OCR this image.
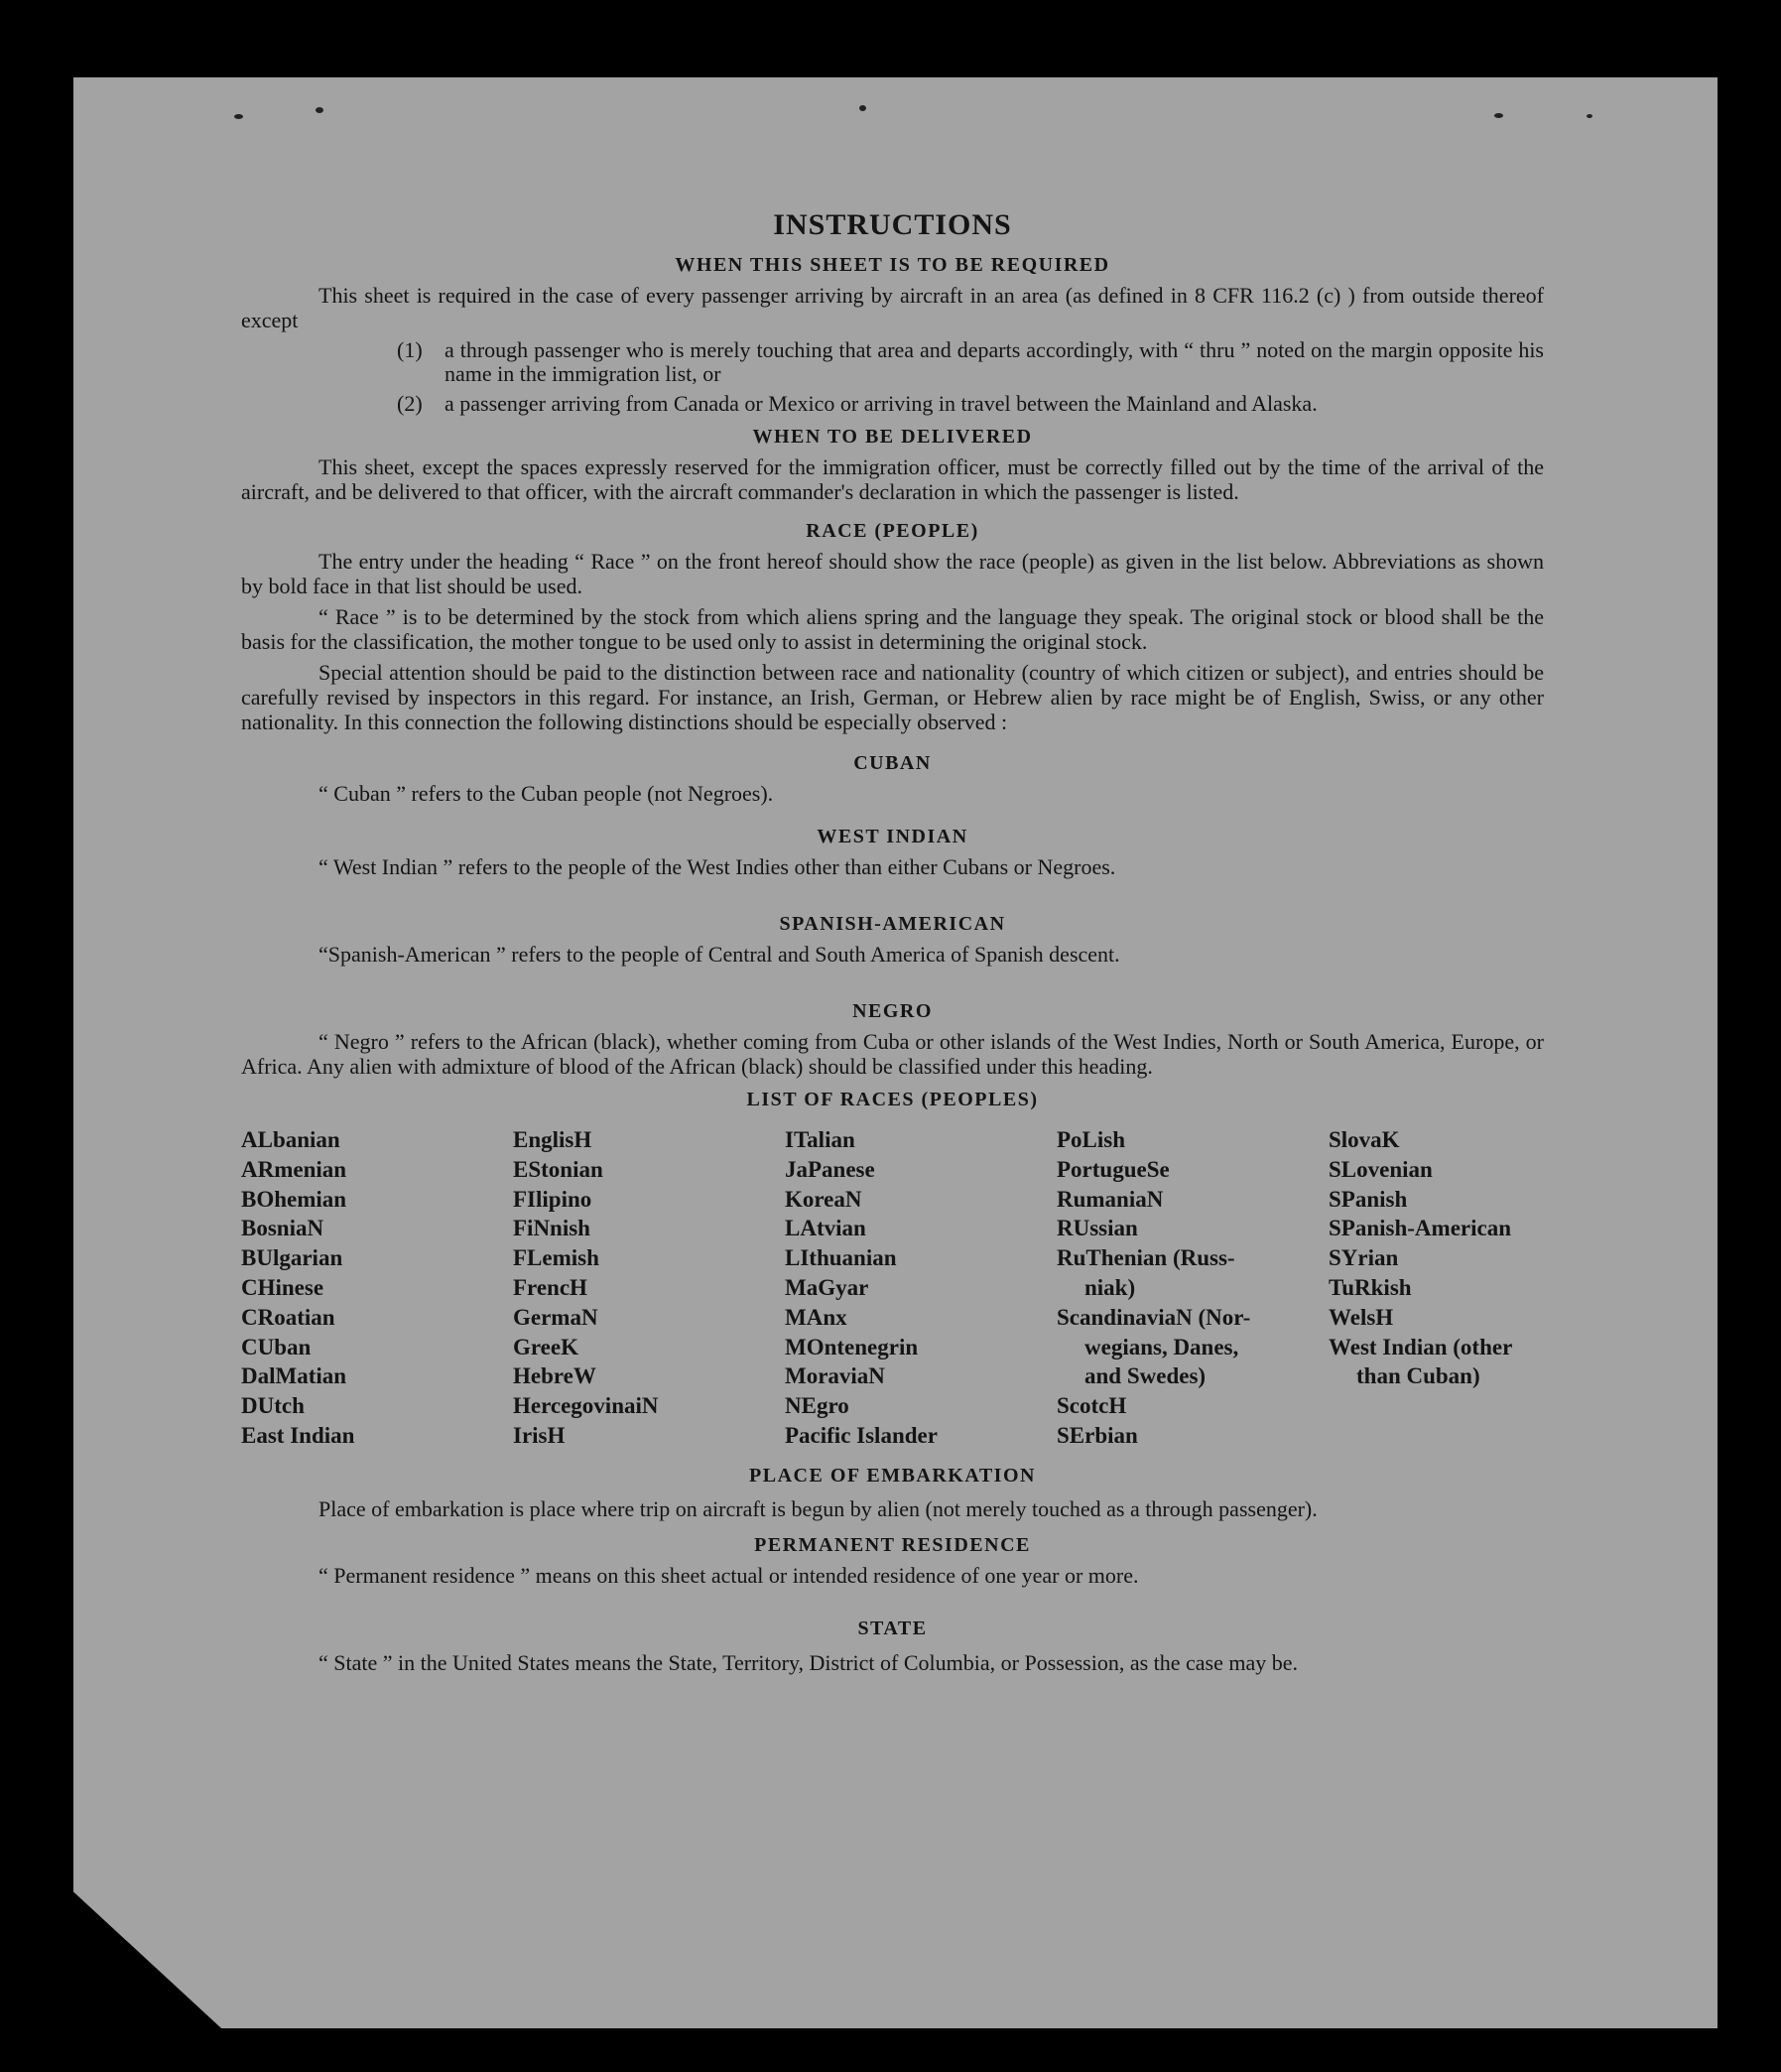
INSTRUCTIONS
WHEN THIS SHEET IS TO BE REQUIRED

This sheet is required in the case of every passenger arriving by aircraft in an area (as defined in 8 CFR 116.2 (c) ) from outside thereof except

(1)	a through passenger who is merely touching that area and departs accordingly, with “ thru ” noted on the margin opposite his name in the immigration list, or
(2)	a passenger arriving from Canada or Mexico or arriving in travel between the Mainland and Alaska.
WHEN TO BE DELIVERED

This sheet, except the spaces expressly reserved for the immigration officer, must be correctly filled out by the time of the arrival of the aircraft, and be delivered to that officer, with the aircraft commander's declaration in which the passenger is listed.

RACE (PEOPLE)

The entry under the heading “ Race ” on the front hereof should show the race (people) as given in the list below. Abbreviations as shown by bold face in that list should be used.

“ Race ” is to be determined by the stock from which aliens spring and the language they speak. The original stock or blood shall be the basis for the classification, the mother tongue to be used only to assist in determining the original stock.

Special attention should be paid to the distinction between race and nationality (country of which citizen or subject), and entries should be carefully revised by inspectors in this regard. For instance, an Irish, German, or Hebrew alien by race might be of English, Swiss, or any other nationality. In this connection the following distinctions should be especially observed :

CUBAN

“ Cuban ” refers to the Cuban people (not Negroes).

WEST INDIAN

“ West Indian ” refers to the people of the West Indies other than either Cubans or Negroes.

SPANISH-AMERICAN

“Spanish-American ” refers to the people of Central and South America of Spanish descent.

NEGRO

“ Negro ” refers to the African (black), whether coming from Cuba or other islands of the West Indies, North or South America, Europe, or Africa. Any alien with admixture of blood of the African (black) should be classified under this heading.

LIST OF RACES (PEOPLES)
ALbanian
ARmenian
BOhemian
BosniaN
BUlgarian
CHinese
CRoatian
CUban
DalMatian
DUtch
East Indian
EnglisH
EStonian
FIlipino
FiNnish
FLemish
FrencH
GermaN
GreeK
HebreW
HercegovinaiN
IrisH
ITalian
JaPanese
KoreaN
LAtvian
LIthuanian
MaGyar
MAnx
MOntenegrin
MoraviaN
NEgro
Pacific Islander
PoLish
PortugueSe
RumaniaN
RUssian
RuThenian (Russ-
niak)
ScandinaviaN (Nor-
wegians, Danes,
and Swedes)
ScotcH
SErbian
SlovaK
SLovenian
SPanish
SPanish-American
SYrian
TuRkish
WelsH
West Indian (other
than Cuban)
PLACE OF EMBARKATION

Place of embarkation is place where trip on aircraft is begun by alien (not merely touched as a through passenger).

PERMANENT RESIDENCE

“ Permanent residence ” means on this sheet actual or intended residence of one year or more.

STATE

“ State ” in the United States means the State, Territory, District of Columbia, or Possession, as the case may be.
